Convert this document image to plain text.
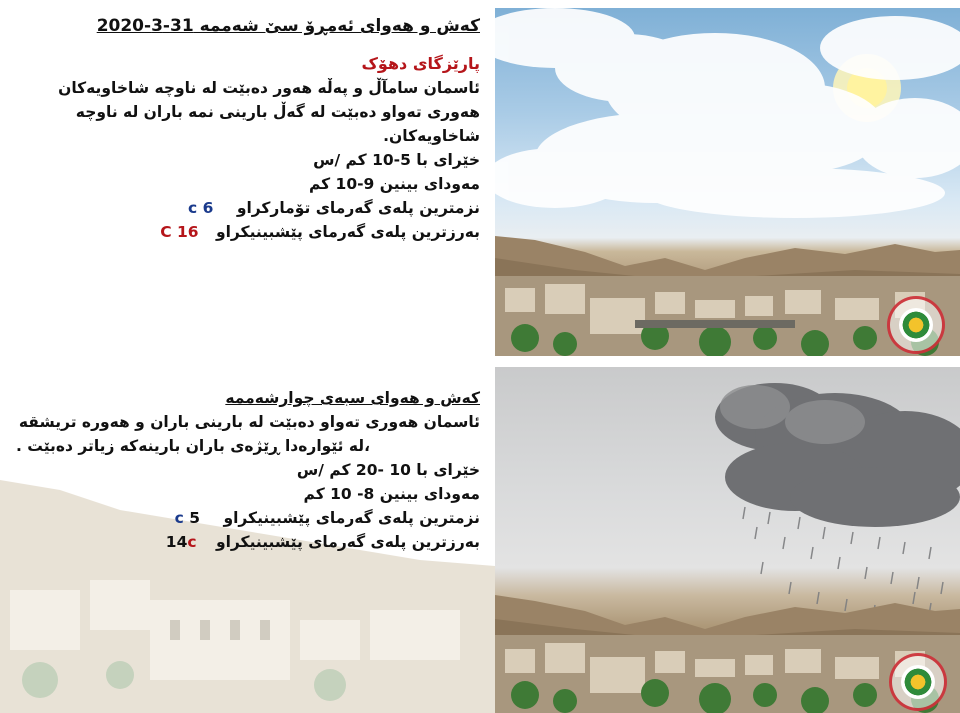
کەش و هەوای ئەمڕۆ سێ شەممە 31-3-2020
پارێزگای دهۆک
ئاسمان سامآڵ و پەڵە هەور دەبێت لە ناوچە شاخاویەکان هەوری تەواو دەبێت لە گەڵ بارینی نمە باران لە ناوچە شاخاویەکان.
خێرای با 5-10 کم /س
مەودای بینین 9-10 کم
نزمترین پلەی گەرمای تۆمارکراو 6 c
بەرزترین پلەی گەرمای پێشبینیکراو 16 C
کەش و هەوای سبەی چوارشەممە
ئاسمان هەوری تەواو دەبێت لە بارینی باران و هەورە تریشقە
،لە ئێوارەدا ڕێژەی باران بارینەکە زیاتر دەبێت .
خێرای با 10 -20 کم /س
مەودای بینین 8- 10 کم
نزمترین پلەی گەرمای پێشبینیکراو 5 c
بەرزترین پلەی گەرمای پێشبینیکراو 14c
